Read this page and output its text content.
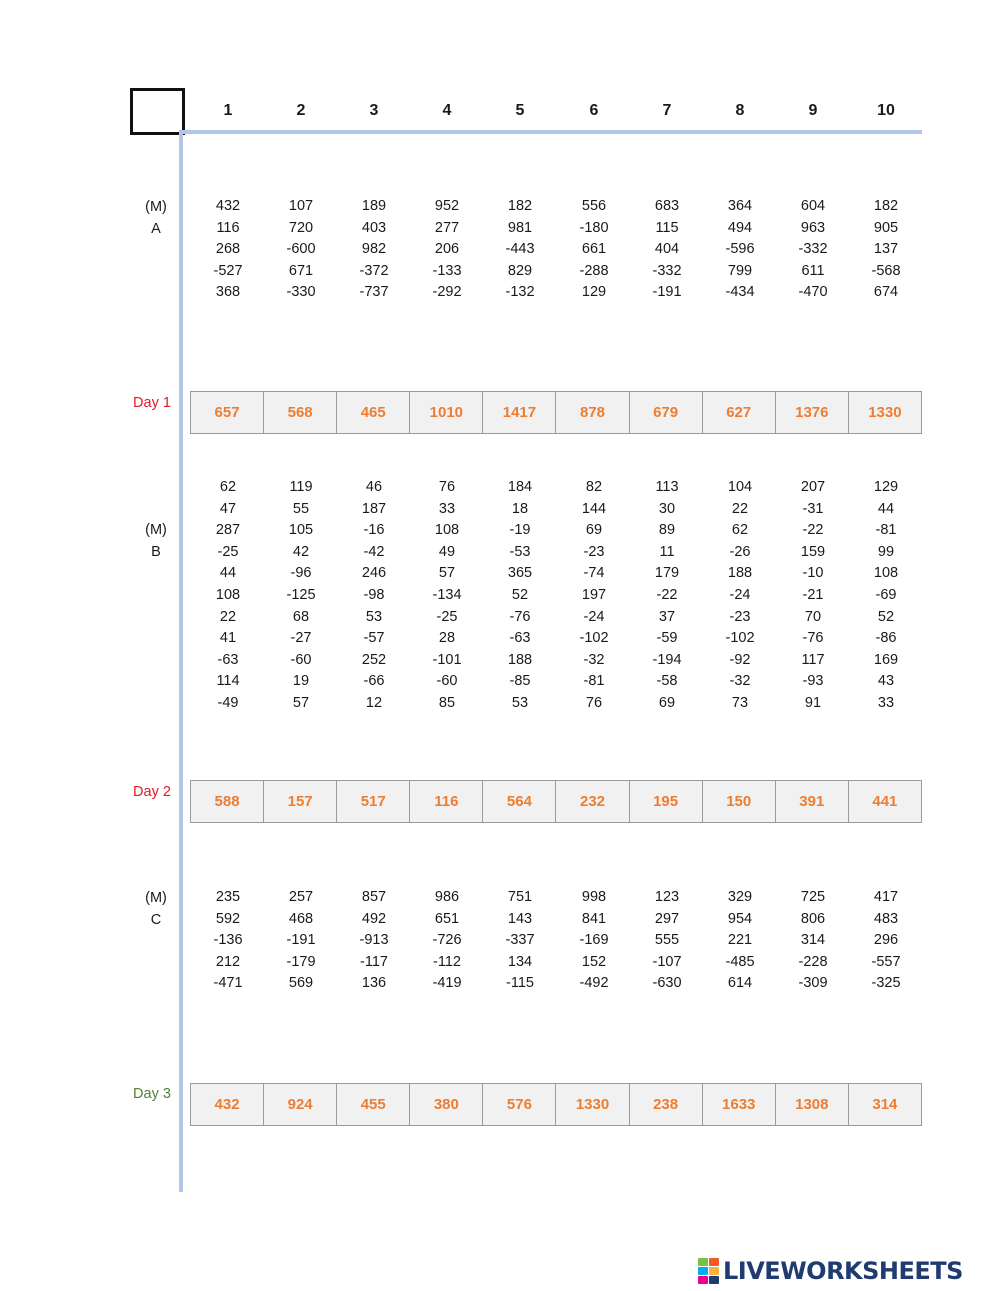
1	2	3	4	5	6	7	8	9	10
(M)
A
432	107	189	952	182	556	683	364	604	182
116	720	403	277	981	-180	115	494	963	905
268	-600	982	206	-443	661	404	-596	-332	137
-527	671	-372	-133	829	-288	-332	799	611	-568
368	-330	-737	-292	-132	129	-191	-434	-470	674
Day 1
657	568	465	1010	1417	878	679	627	1376	1330
(M)
B
62	119	46	76	184	82	113	104	207	129
47	55	187	33	18	144	30	22	-31	44
287	105	-16	108	-19	69	89	62	-22	-81
-25	42	-42	49	-53	-23	11	-26	159	99
44	-96	246	57	365	-74	179	188	-10	108
108	-125	-98	-134	52	197	-22	-24	-21	-69
22	68	53	-25	-76	-24	37	-23	70	52
41	-27	-57	28	-63	-102	-59	-102	-76	-86
-63	-60	252	-101	188	-32	-194	-92	117	169
114	19	-66	-60	-85	-81	-58	-32	-93	43
-49	57	12	85	53	76	69	73	91	33
Day 2
588	157	517	116	564	232	195	150	391	441
(M)
C
235	257	857	986	751	998	123	329	725	417
592	468	492	651	143	841	297	954	806	483
-136	-191	-913	-726	-337	-169	555	221	314	296
212	-179	-117	-112	134	152	-107	-485	-228	-557
-471	569	136	-419	-115	-492	-630	614	-309	-325
Day 3
432	924	455	380	576	1330	238	1633	1308	314
LIVEWORKSHEETS
